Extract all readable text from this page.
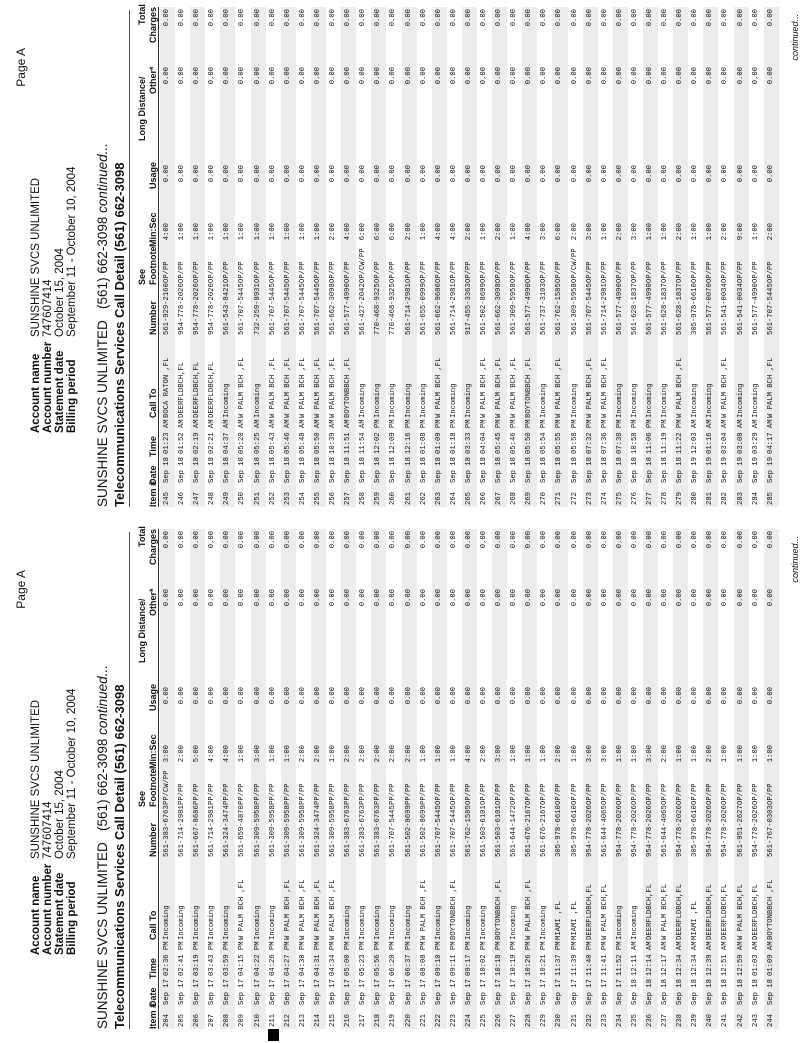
Page A
Account name
SUNSHINE SVCS UNLIMITED
Account number
747607414
Statement date
October 15, 2004
Billing period
September 11 - October 10, 2004
SUNSHINE SVCS UNLIMITED   (561) 662-3098 continued... Telecommunications Services Call Detail (561) 662-3098 Item #
Date
Time
Call To
Number
See Footnote
Min:Sec
Usage
Long Distance/ Other*
Total Charges
204
Sep 17
02:36 PM
Incoming
561-383-6763
PP/CW/PP
3:00
0.00
0.00
0.00
205
Sep 17
02:41 PM
Incoming
561-714-2981
PP/PP
2:00
0.00
0.00
0.00
206
Sep 17
03:19 PM
Incoming
561-667-8686
PP/PP
5:00
0.00
0.00
0.00
207
Sep 17
03:43 PM
Incoming
561-714-2981
PP/PP
4:00
0.00
0.00
0.00
208
Sep 17
03:59 PM
Incoming
561-324-3474
PP/PP
4:00
0.00
0.00
0.00
209
Sep 17
04:15 PM
W PALM BCH ,FL
561-659-4870
PP/PP
1:00
0.00
0.00
0.00
210
Sep 17
04:22 PM
Incoming
561-309-5958
PP/PP
3:00
0.00
0.00
0.00
211
Sep 17
04:26 PM
Incoming
561-309-5958
PP/PP
1:00
0.00
0.00
0.00
212
Sep 17
04:27 PM
W PALM BCH ,FL
561-309-5958
PP/PP
1:00
0.00
0.00
0.00
213
Sep 17
04:30 PM
W PALM BCH ,FL
561-309-5958
PP/PP
2:00
0.00
0.00
0.00
214
Sep 17
04:31 PM
W PALM BCH ,FL
561-324-3474
PP/PP
2:00
0.00
0.00
0.00
215
Sep 17
04:34 PM
W PALM BCH ,FL
561-309-5958
PP/PP
1:00
0.00
0.00
0.00
216
Sep 17
05:00 PM
Incoming
561-383-6763
PP/PP
2:00
0.00
0.00
0.00
217
Sep 17
05:23 PM
Incoming
561-383-6763
PP/PP
2:00
0.00
0.00
0.00
218
Sep 17
05:56 PM
Incoming
561-383-6763
PP/PP
2:00
0.00
0.00
0.00
219
Sep 17
06:20 PM
Incoming
561-707-5445
PP/PP
2:00
0.00
0.00
0.00
220
Sep 17
06:37 PM
Incoming
561-502-8699
PP/PP
2:00
0.00
0.00
0.00
221
Sep 17
08:08 PM
W PALM BCH ,FL
561-502-8699
PP/PP
1:00
0.00
0.00
0.00
222
Sep 17
09:10 PM
Incoming
561-707-5445
OP/PP
1:00
0.00
0.00
0.00
223
Sep 17
09:11 PM
BOYTONBBCH ,FL
561-707-5445
OP/PP
1:00
0.00
0.00
0.00
224
Sep 17
09:17 PM
Incoming
561-762-1585
OP/PP
4:00
0.00
0.00
0.00
225
Sep 17
10:02 PM
Incoming
561-503-6101
OP/PP
2:00
0.00
0.00
0.00
226
Sep 17
10:18 PM
BOYTONBBCH ,FL
561-503-6101
OP/PP
3:00
0.00
0.00
0.00
227
Sep 17
10:19 PM
Incoming
561-644-1472
OP/PP
1:00
0.00
0.00
0.00
228
Sep 17
10:26 PM
W PALM BCH ,FL
561-676-2167
OP/PP
1:00
0.00
0.00
0.00
229
Sep 17
10:21 PM
Incoming
561-676-2167
OP/PP
1:00
0.00
0.00
0.00
230
Sep 17
11:37 PM
MIAMI ,FL
305-978-6610
OP/PP
2:00
0.00
0.00
0.00
231
Sep 17
11:39 PM
MIAMI ,FL
305-978-6610
OP/PP
1:00
0.00
0.00
0.00
232
Sep 17
11:40 PM
DEERFLDBCH,FL
954-778-2026
OP/PP
3:00
0.00
0.00
0.00
233
Sep 17
11:41 PM
W PALM BCH,FL
561-644-4065
OP/PP
3:00
0.00
0.00
0.00
234
Sep 17
11:52 PM
Incoming
954-778-2026
OP/PP
1:00
0.00
0.00
0.00
235
Sep 18
12:11 AM
Incoming
954-778-2026
OP/PP
1:00
0.00
0.00
0.00
236
Sep 18
12:14 AM
DEERFLDBCH,FL
954-778-2026
OP/PP
3:00
0.00
0.00
0.00
237
Sep 18
12:17 AM
W PALM BCH,FL
561-644-4065
OP/PP
2:00
0.00
0.00
0.00
238
Sep 18
12:34 AM
DEERFLDBCH,FL
954-778-2026
OP/PP
1:00
0.00
0.00
0.00
239
Sep 18
12:34 AM
MIAMI ,FL
305-978-6610
OP/PP
1:00
0.00
0.00
0.00
240
Sep 18
12:39 AM
DEERFLDBCH,FL
954-778-2026
OP/PP
2:00
0.00
0.00
0.00
241
Sep 18
12:51 AM
DEERFLDBCH,FL
954-778-2026
OP/PP
1:00
0.00
0.00
0.00
242
Sep 18
12:59 AM
W PALM BCH,FL
561-951-2627
OP/PP
1:00
0.00
0.00
0.00
243
Sep 18
01:03 AM
DEERFLDBCH,FL
954-778-2026
OP/PP
1:00
0.00
0.00
0.00
244
Sep 18
01:09 AM
BOYTONBBCH ,FL
561-767-0303
OP/PP
1:00
0.00
0.00
0.00	continued...
Page A
Account name
SUNSHINE SVCS UNLIMITED
Account number
747607414
Statement date
October 15, 2004
Billing period
September 11 - October 10, 2004
SUNSHINE SVCS UNLIMITED   (561) 662-3098 continued... Telecommunications Services Call Detail (561) 662-3098 Item #
Date
Time
Call To
Number
See Footnote
Min:Sec
Usage
Long Distance/ Other*
Total Charges
245
Sep 18
01:23 AM
BOCA RATON ,FL
561-929-2160
OP/PP
4:00
0.00
0.00
0.00
246
Sep 18
01:52 AM
DEERFLDBCH,FL
954-778-2026
OP/PP
1:00
0.00
0.00
0.00
247
Sep 18
02:19 AM
DEERFLDBCH,FL
954-778-2026
OP/PP
1:00
0.00
0.00
0.00
248
Sep 18
02:21 AM
DEERFLDBCH,FL
954-778-2026
OP/PP
1:00
0.00
0.00
0.00
249
Sep 18
04:37 AM
Incoming
561-543-8421
OP/PP
1:00
0.00
0.00
0.00
250
Sep 18
05:20 AM
W PALM BCH ,FL
561-707-5445
OP/PP
1:00
0.00
0.00
0.00
251
Sep 18
05:25 AM
Incoming
732-259-8931
OP/PP
1:00
0.00
0.00
0.00
252
Sep 18
05:43 AM
W PALM BCH ,FL
561-707-5445
OP/PP
1:00
0.00
0.00
0.00
253
Sep 18
05:46 AM
W PALM BCH ,FL
561-707-5445
OP/PP
1:00
0.00
0.00
0.00
254
Sep 18
05:48 AM
W PALM BCH ,FL
561-707-5445
OP/PP
1:00
0.00
0.00
0.00
255
Sep 18
05:50 AM
W PALM BCH ,FL
561-707-5445
OP/PP
1:00
0.00
0.00
0.00
256
Sep 18
10:39 AM
W PALM BCH ,FL
561-662-3098
OP/PP
2:00
0.00
0.00
0.00
257
Sep 18
11:51 AM
BOYTONBBCH ,FL
561-577-4990
OP/PP
4:00
0.00
0.00
0.00
258
Sep 18
11:54 AM
Incoming
561-427-2042
OP/CW/PP
6:00
0.00
0.00
0.00
259
Sep 18
12:02 PM
Incoming
770-468-9325
OP/PP
6:00
0.00
0.00
0.00
260
Sep 18
12:09 PM
Incoming
770-468-9325
OP/PP
6:00
0.00
0.00
0.00
261
Sep 18
12:16 PM
Incoming
561-714-2981
OP/PP
2:00
0.00
0.00
0.00
262
Sep 18
01:08 PM
Incoming
561-655-0999
OP/PP
1:00
0.00
0.00
0.00
263
Sep 18
01:09 PM
W PALM BCH ,FL
561-662-9686
OP/PP
4:00
0.00
0.00
0.00
264
Sep 18
01:18 PM
Incoming
561-714-2981
OP/PP
4:00
0.00
0.00
0.00
265
Sep 18
03:33 PM
Incoming
917-455-3363
OP/PP
2:00
0.00
0.00
0.00
266
Sep 18
04:04 PM
W PALM BCH ,FL
561-502-8699
OP/PP
1:00
0.00
0.00
0.00
267
Sep 18
05:45 PM
W PALM BCH ,FL
561-662-3098
OP/PP
2:00
0.00
0.00
0.00
268
Sep 18
05:46 PM
W PALM BCH ,FL
561-309-5958
OP/PP
1:00
0.00
0.00
0.00
269
Sep 18
05:50 PM
BOYTONBBCH ,FL
561-577-4990
OP/PP
4:00
0.00
0.00
0.00
270
Sep 18
05:54 PM
Incoming
561-737-3103
OP/PP
3:00
0.00
0.00
0.00
271
Sep 18
05:55 PM
W PALM BCH ,FL
561-762-1585
OP/PP
6:00
0.00
0.00
0.00
272
Sep 18
05:58 PM
Incoming
561-309-5958
OP/CW/PP
2:00
0.00
0.00
0.00
273
Sep 18
07:32 PM
W PALM BCH ,FL
561-707-5445
OP/PP
3:00
0.00
0.00
0.00
274
Sep 18
07:36 PM
W PALM BCH ,FL
561-714-2981
OP/PP
1:00
0.00
0.00
0.00
275
Sep 18
07:38 PM
Incoming
561-577-4990
OP/PP
2:00
0.00
0.00
0.00
276
Sep 18
10:58 PM
Incoming
561-628-1837
OP/PP
3:00
0.00
0.00
0.00
277
Sep 18
11:06 PM
Incoming
561-577-4990
OP/PP
1:00
0.00
0.00
0.00
278
Sep 18
11:19 PM
Incoming
561-628-1837
OP/PP
1:00
0.00
0.00
0.00
279
Sep 18
11:22 PM
W PALM BCH ,FL
561-628-1837
OP/PP
2:00
0.00
0.00
0.00
280
Sep 19
12:03 AM
Incoming
305-978-6610
OP/PP
1:00
0.00
0.00
0.00
281
Sep 19
01:16 AM
Incoming
561-577-0070
OP/PP
1:00
0.00
0.00
0.00
282
Sep 19
03:04 AM
W PALM BCH ,FL
561-541-0034
OP/PP
2:00
0.00
0.00
0.00
283
Sep 19
03:08 AM
Incoming
561-541-0034
OP/PP
9:00
0.00
0.00
0.00
284
Sep 19
03:29 AM
Incoming
561-577-4990
OP/PP
1:00
0.00
0.00
0.00
285
Sep 19
04:17 AM
W PALM BCH ,FL
561-707-5445
OP/PP
2:00
0.00
0.00
0.00	continued...
